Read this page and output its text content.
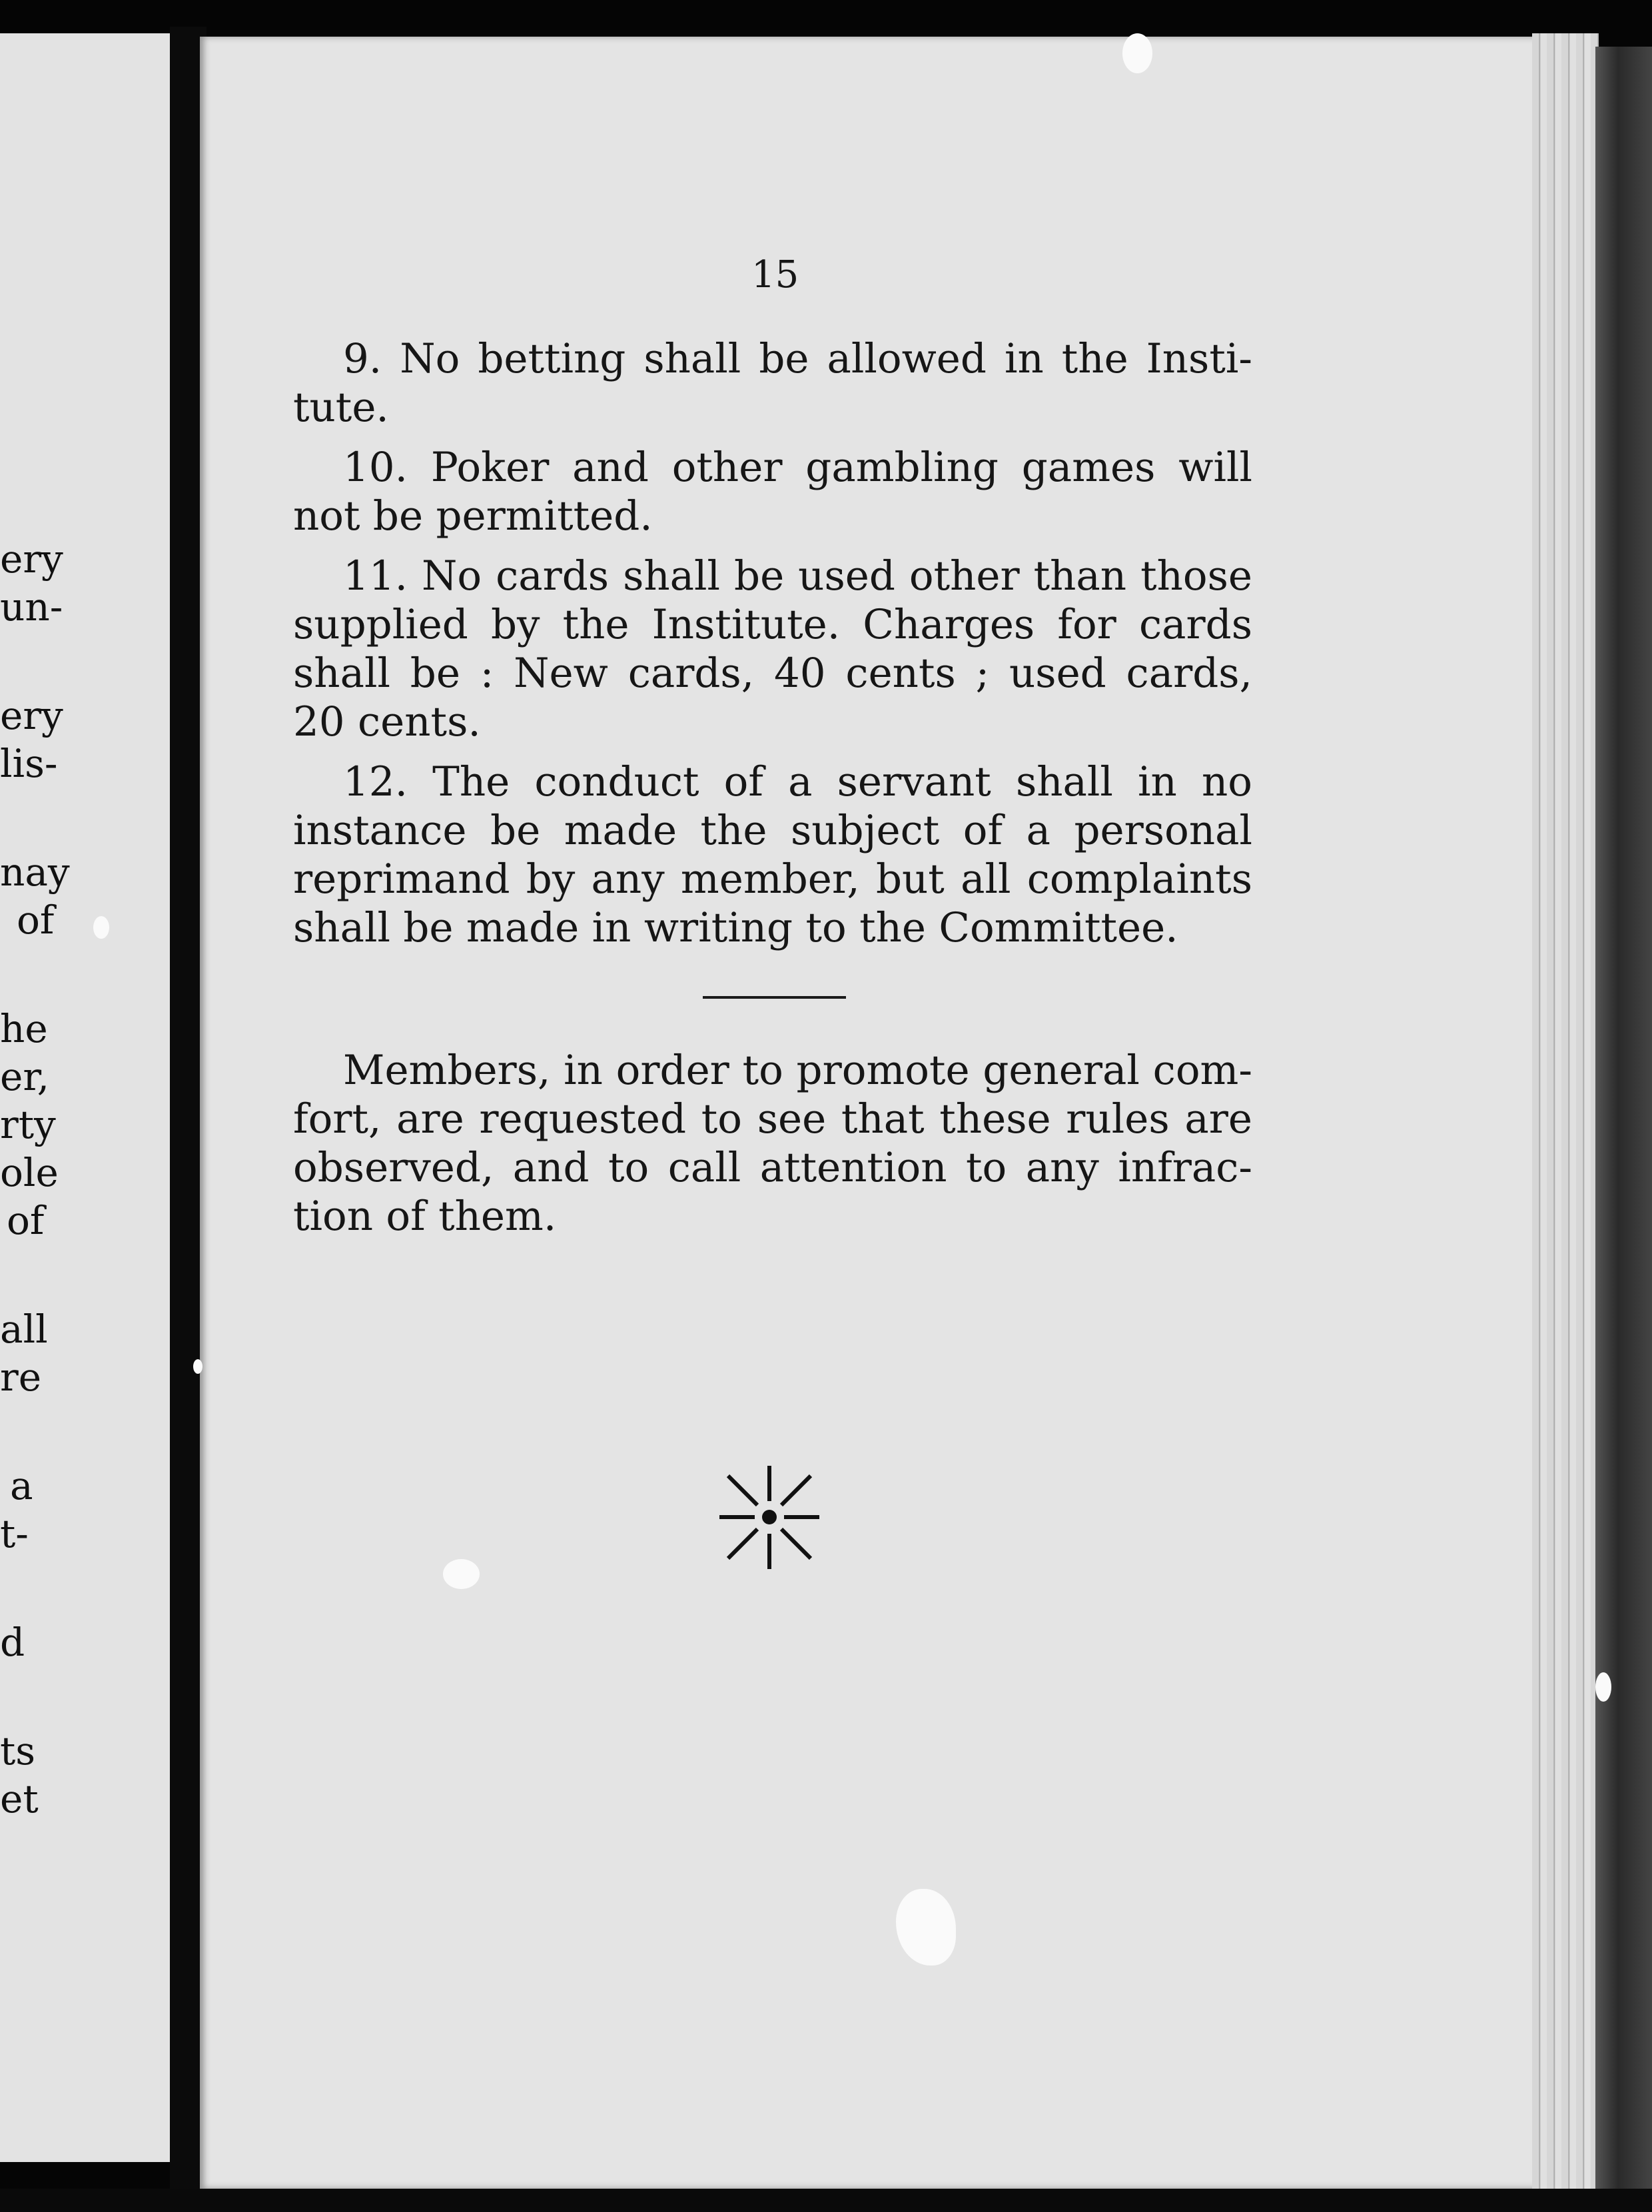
ery
un-
ery
lis-
nay
of
he
er,
rty
ole
of
all
re
a
t-
d
ts
et
15
9. No betting shall be allowed in the Insti-
tute.
10. Poker and other gambling games will
not be permitted.
11. No cards shall be used other than those
supplied by the Institute. Charges for cards
shall be : New cards, 40 cents ; used cards,
20 cents.
12. The conduct of a servant shall in no
instance be made the subject of a personal
reprimand by any member, but all complaints
shall be made in writing to the Committee.
Members, in order to promote general com-
fort, are requested to see that these rules are
observed, and to call attention to any infrac-
tion of them.
